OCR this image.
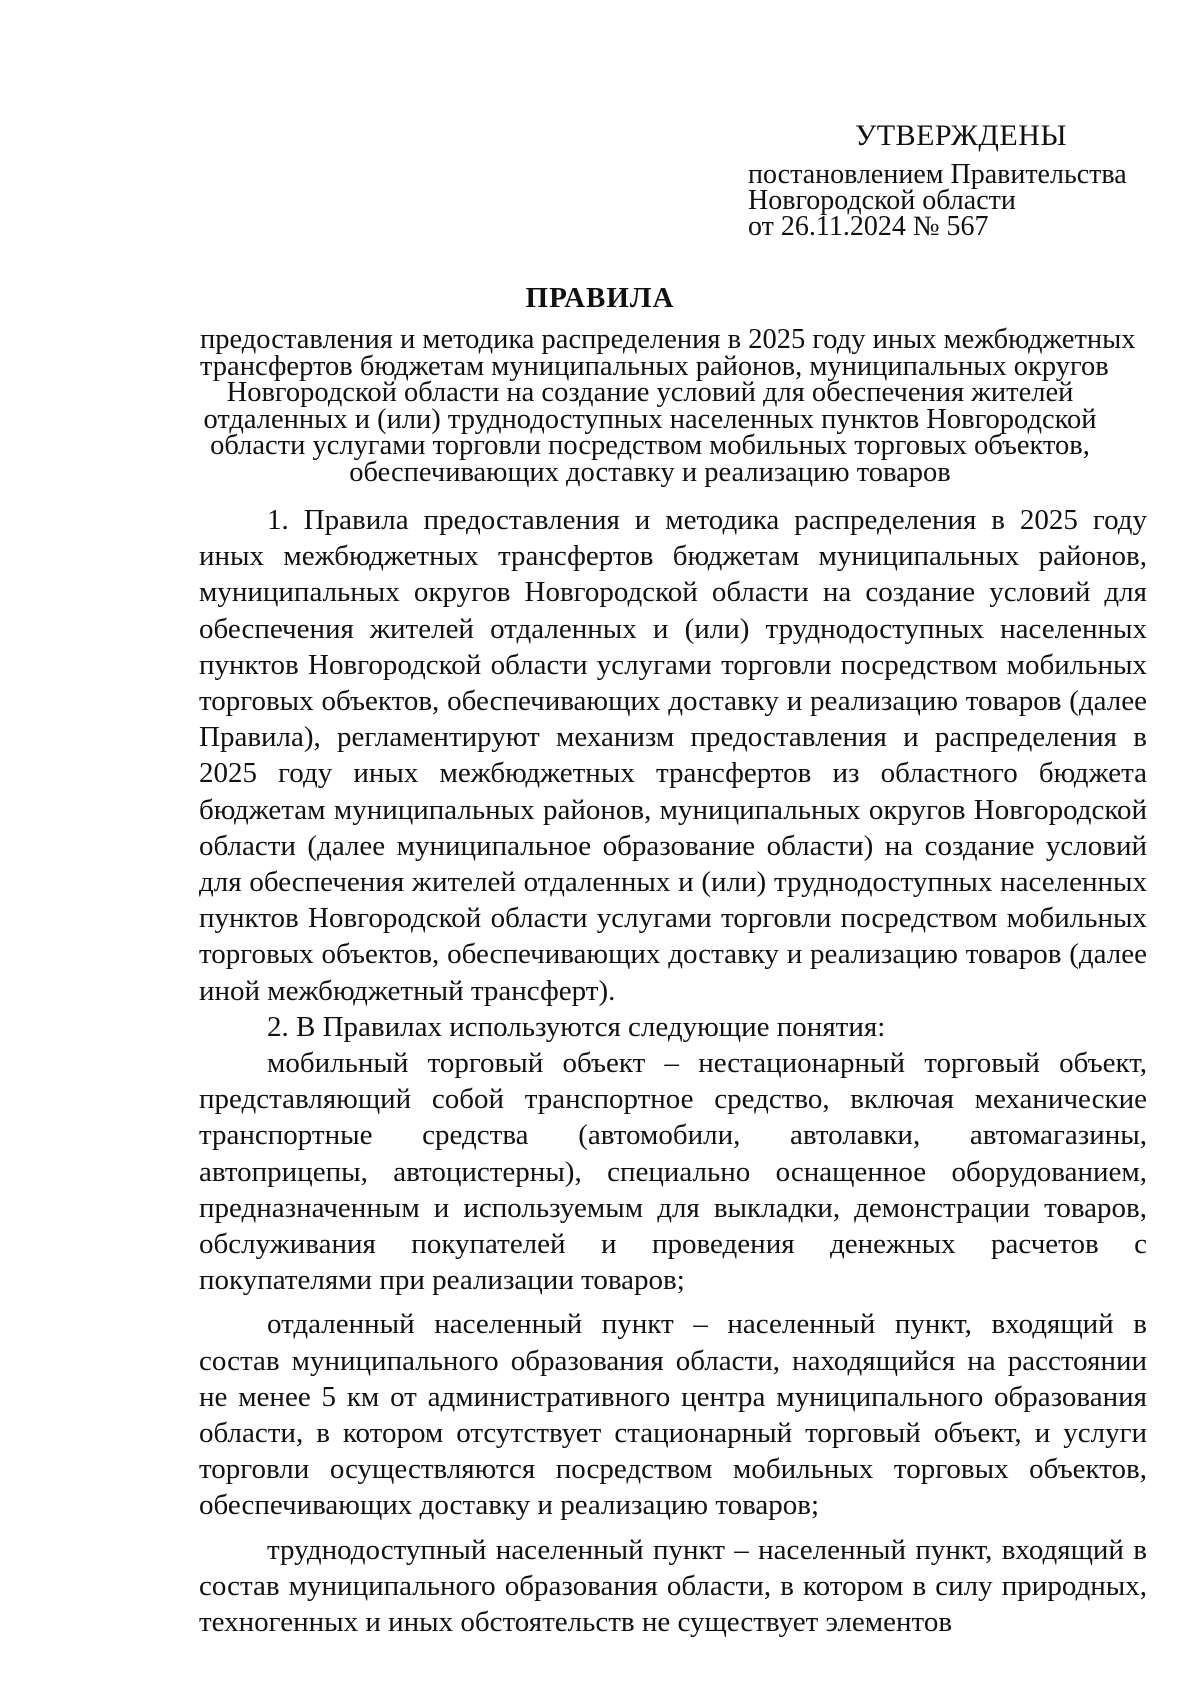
УТВЕРЖДЕНЫ

постановлением Правительства

Новгородской области

от 26.11.2024 № 567

ПРАВИЛА
предоставления и методика распределения в 2025 году иных межбюджетных
трансфертов бюджетам муниципальных районов, муниципальных округов
Новгородской области на создание условий для обеспечения жителей
отдаленных и (или) труднодоступных населенных пунктов Новгородской
области услугами торговли посредством мобильных торговых объектов,
обеспечивающих доставку и реализацию товаров

1. Правила предоставления и методика распределения в 2025 году иных межбюджетных трансфертов бюджетам муниципальных районов, муниципальных округов Новгородской области на создание условий для обеспечения жителей отдаленных и (или) труднодоступных населенных пунктов Новгородской области услугами торговли посредством мобильных торговых объектов, обеспечивающих доставку и реализацию товаров (далее Правила), регламентируют механизм предоставления и распределения в 2025 году иных межбюджетных трансфертов из областного бюджета бюджетам муниципальных районов, муниципальных округов Новгородской области (далее муниципальное образование области) на создание условий для обеспечения жителей отдаленных и (или) труднодоступных населенных пунктов Новгородской области услугами торговли посредством мобильных торговых объектов, обеспечивающих доставку и реализацию товаров (далее иной межбюджетный трансферт).

2. В Правилах используются следующие понятия:

мобильный торговый объект – нестационарный торговый объект, представляющий собой транспортное средство, включая механические транспортные средства (автомобили, автолавки, автомагазины, автоприцепы, автоцистерны), специально оснащенное оборудованием, предназначенным и используемым для выкладки, демонстрации товаров, обслуживания покупателей и проведения денежных расчетов с покупателями при реализации товаров;

отдаленный населенный пункт – населенный пункт, входящий в состав муниципального образования области, находящийся на расстоянии не менее 5 км от административного центра муниципального образования области, в котором отсутствует стационарный торговый объект, и услуги торговли осуществляются посредством мобильных торговых объектов, обеспечивающих доставку и реализацию товаров;

труднодоступный населенный пункт – населенный пункт, входящий в состав муниципального образования области, в котором в силу природных, техногенных и иных обстоятельств не существует элементов
